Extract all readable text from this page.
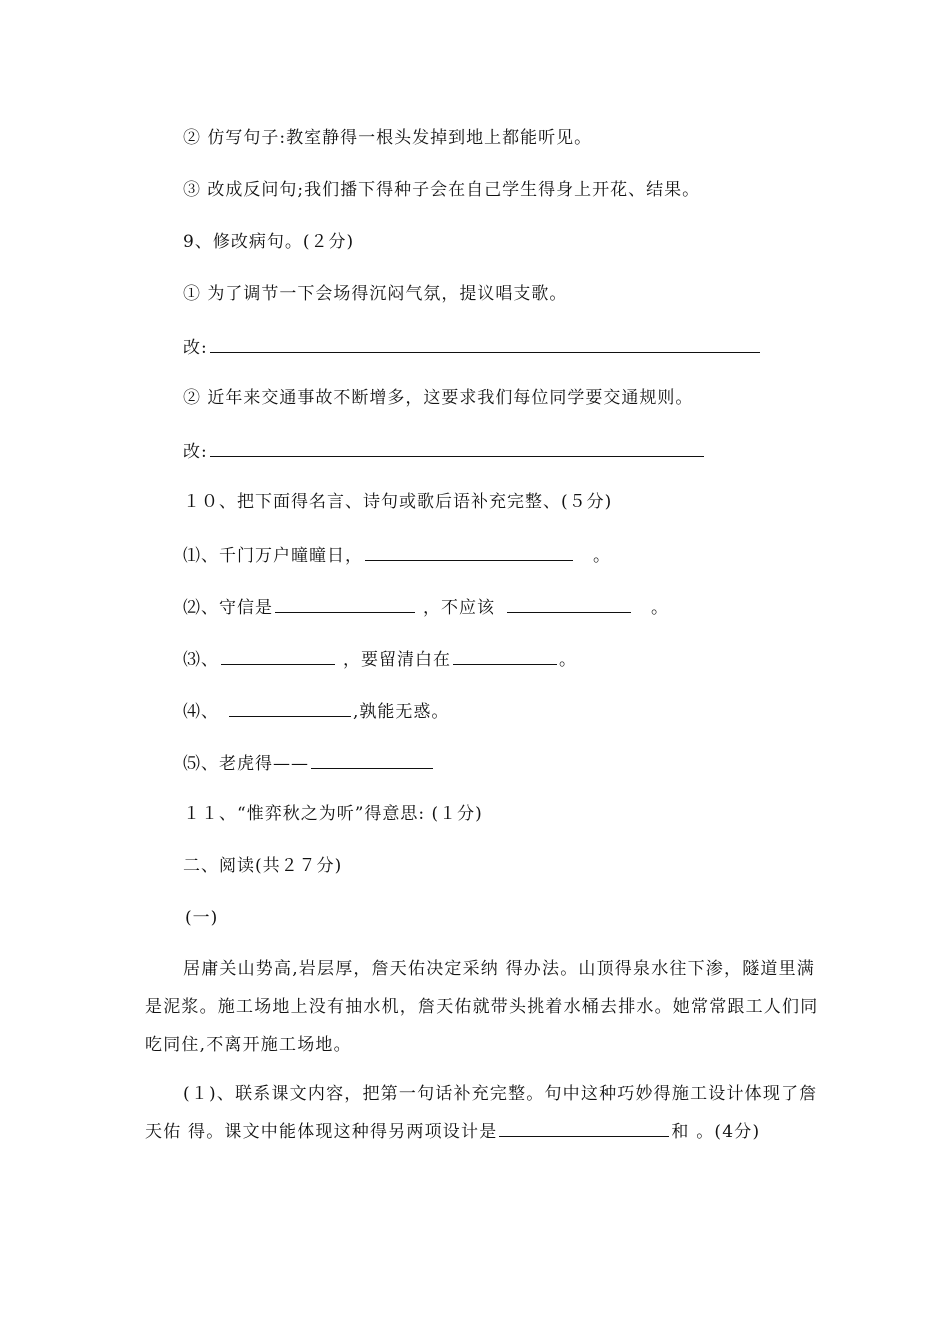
② 仿写句子:教室静得一根头发掉到地上都能听见。
③ 改成反问句;我们播下得种子会在自己学生得身上开花、结果。
9、修改病句。(２分)
① 为了调节一下会场得沉闷气氛，提议唱支歌。
改:
② 近年来交通事故不断增多，这要求我们每位同学要交通规则。
改:
１０、把下面得名言、诗句或歌后语补充完整、(５分)
⑴、千门万户曈曈日，	。
⑵、守信是	，不应该	。
⑶、	，要留清白在	。
⑷、	,孰能无惑。
⑸、老虎得——
１１、“惟弈秋之为听”得意思: (１分)
二、阅读(共２７分)
(一)
居庸关山势高,岩层厚，詹天佑决定采纳 得办法。山顶得泉水往下渗，隧道里满是泥浆。施工场地上没有抽水机，詹天佑就带头挑着水桶去排水。她常常跟工人们同吃同住,不离开施工场地。
(１)、联系课文内容，把第一句话补充完整。句中这种巧妙得施工设计体现了詹天佑 得。课文中能体现这种得另两项设计是	和 。(4分)
